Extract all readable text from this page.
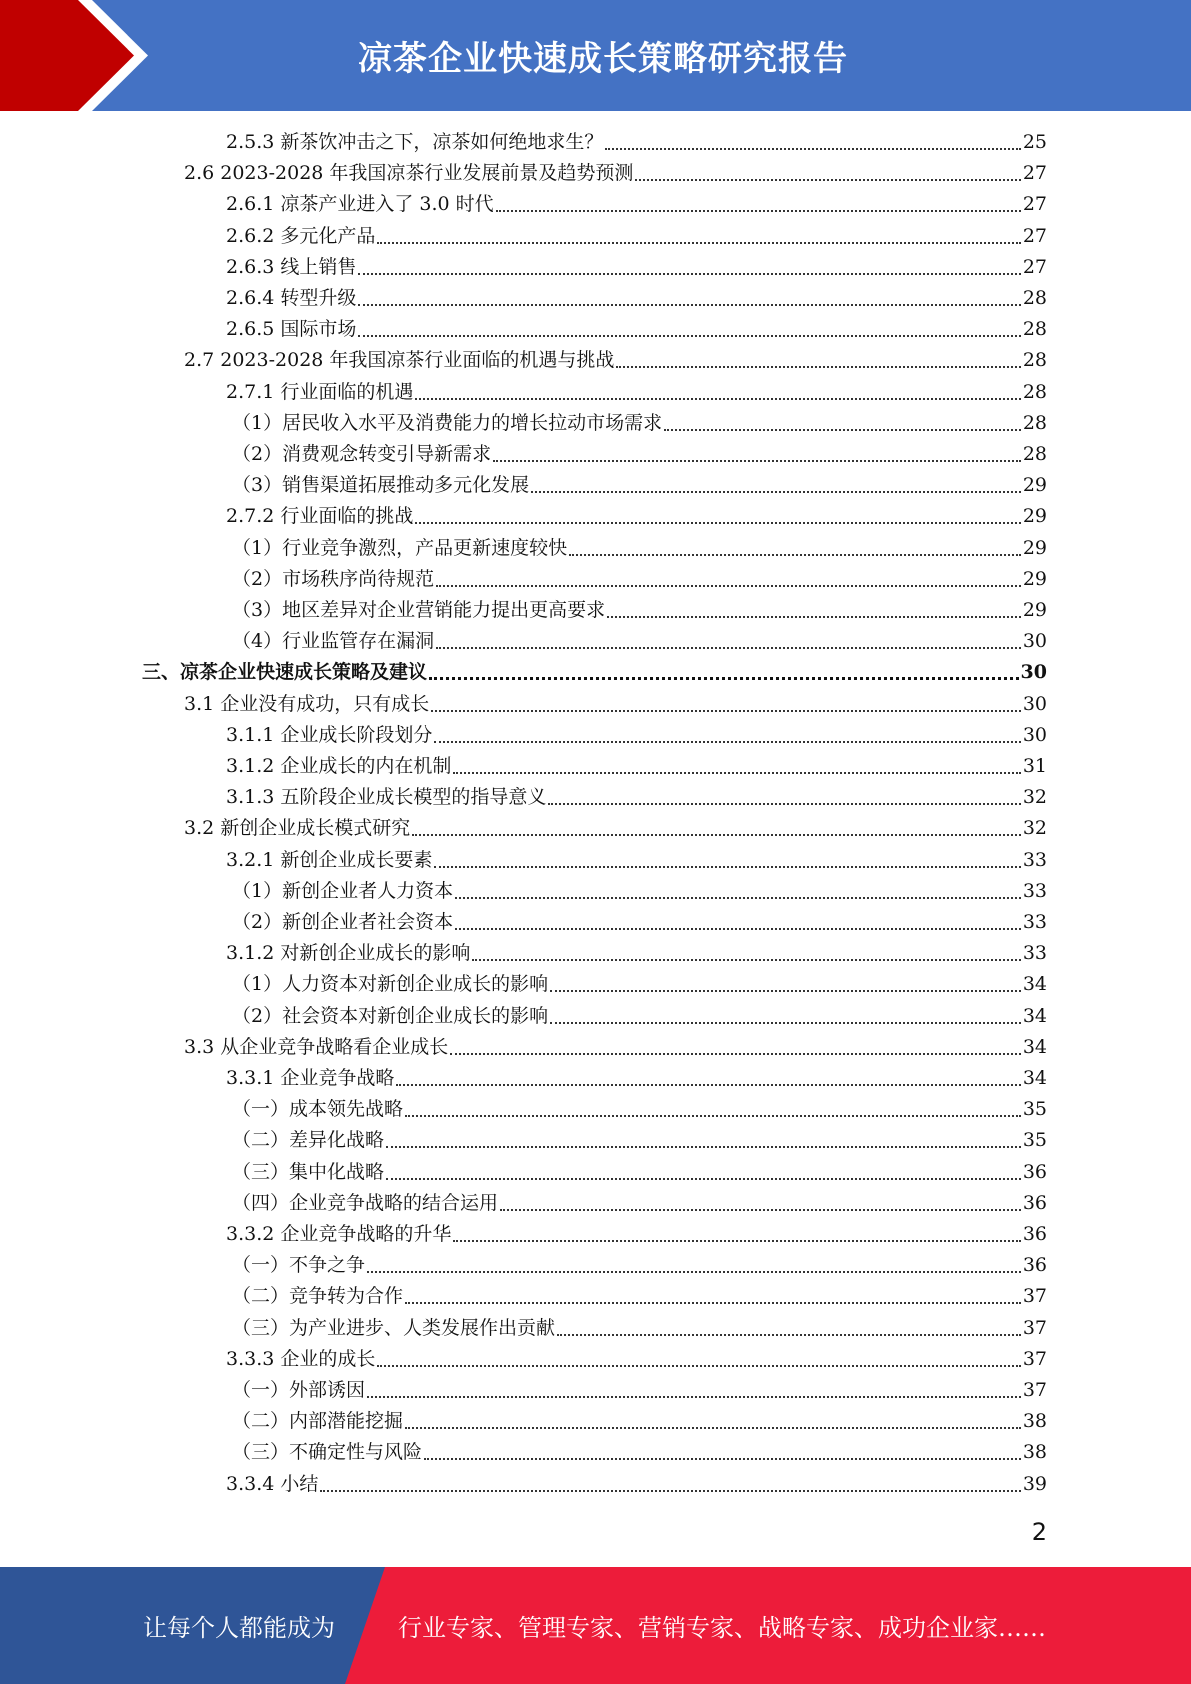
凉茶企业快速成长策略研究报告
2.5.3 新茶饮冲击之下，凉茶如何绝地求生？	25
2.6 2023-2028 年我国凉茶行业发展前景及趋势预测	27
2.6.1 凉茶产业进入了 3.0 时代	27
2.6.2 多元化产品	27
2.6.3 线上销售	27
2.6.4 转型升级	28
2.6.5 国际市场	28
2.7 2023-2028 年我国凉茶行业面临的机遇与挑战	28
2.7.1 行业面临的机遇	28
（1）居民收入水平及消费能力的增长拉动市场需求	28
（2）消费观念转变引导新需求	28
（3）销售渠道拓展推动多元化发展	29
2.7.2 行业面临的挑战	29
（1）行业竞争激烈，产品更新速度较快	29
（2）市场秩序尚待规范	29
（3）地区差异对企业营销能力提出更高要求	29
（4）行业监管存在漏洞	30
三、凉茶企业快速成长策略及建议	30
3.1 企业没有成功，只有成长	30
3.1.1 企业成长阶段划分	30
3.1.2 企业成长的内在机制	31
3.1.3 五阶段企业成长模型的指导意义	32
3.2 新创企业成长模式研究	32
3.2.1 新创企业成长要素	33
（1）新创企业者人力资本	33
（2）新创企业者社会资本	33
3.1.2 对新创企业成长的影响	33
（1）人力资本对新创企业成长的影响	34
（2）社会资本对新创企业成长的影响	34
3.3 从企业竞争战略看企业成长	34
3.3.1 企业竞争战略	34
（一）成本领先战略	35
（二）差异化战略	35
（三）集中化战略	36
（四）企业竞争战略的结合运用	36
3.3.2 企业竞争战略的升华	36
（一）不争之争	36
（二）竞争转为合作	37
（三）为产业进步、人类发展作出贡献	37
3.3.3 企业的成长	37
（一）外部诱因	37
（二）内部潜能挖掘	38
（三）不确定性与风险	38
3.3.4 小结	39
2
让每个人都能成为	行业专家、管理专家、营销专家、战略专家、成功企业家……
